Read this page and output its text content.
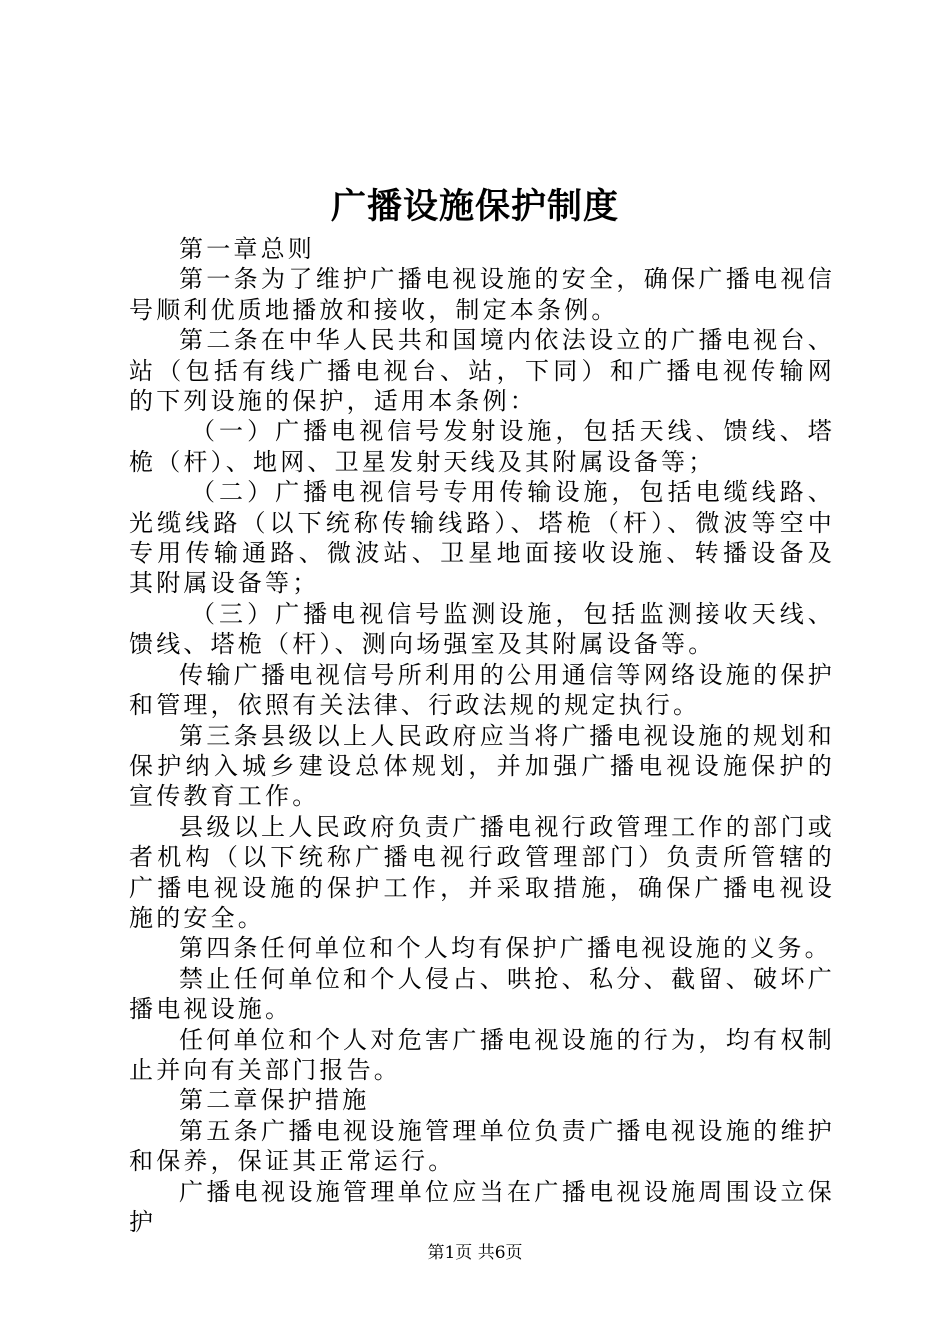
广播设施保护制度

第一章总则

第一条为了维护广播电视设施的安全，确保广播电视信号顺利优质地播放和接收，制定本条例。

第二条在中华人民共和国境内依法设立的广播电视台、站（包括有线广播电视台、站，下同）和广播电视传输网的下列设施的保护，适用本条例：

（一）广播电视信号发射设施，包括天线、馈线、塔桅（杆）、地网、卫星发射天线及其附属设备等；

（二）广播电视信号专用传输设施，包括电缆线路、光缆线路（以下统称传输线路）、塔桅（杆）、微波等空中专用传输通路、微波站、卫星地面接收设施、转播设备及其附属设备等；

（三）广播电视信号监测设施，包括监测接收天线、馈线、塔桅（杆）、测向场强室及其附属设备等。

传输广播电视信号所利用的公用通信等网络设施的保护和管理，依照有关法律、行政法规的规定执行。

第三条县级以上人民政府应当将广播电视设施的规划和保护纳入城乡建设总体规划，并加强广播电视设施保护的宣传教育工作。

县级以上人民政府负责广播电视行政管理工作的部门或者机构（以下统称广播电视行政管理部门）负责所管辖的广播电视设施的保护工作，并采取措施，确保广播电视设施的安全。

第四条任何单位和个人均有保护广播电视设施的义务。

禁止任何单位和个人侵占、哄抢、私分、截留、破坏广播电视设施。

任何单位和个人对危害广播电视设施的行为，均有权制止并向有关部门报告。

第二章保护措施

第五条广播电视设施管理单位负责广播电视设施的维护和保养，保证其正常运行。

广播电视设施管理单位应当在广播电视设施周围设立保护

第1页 共6页
